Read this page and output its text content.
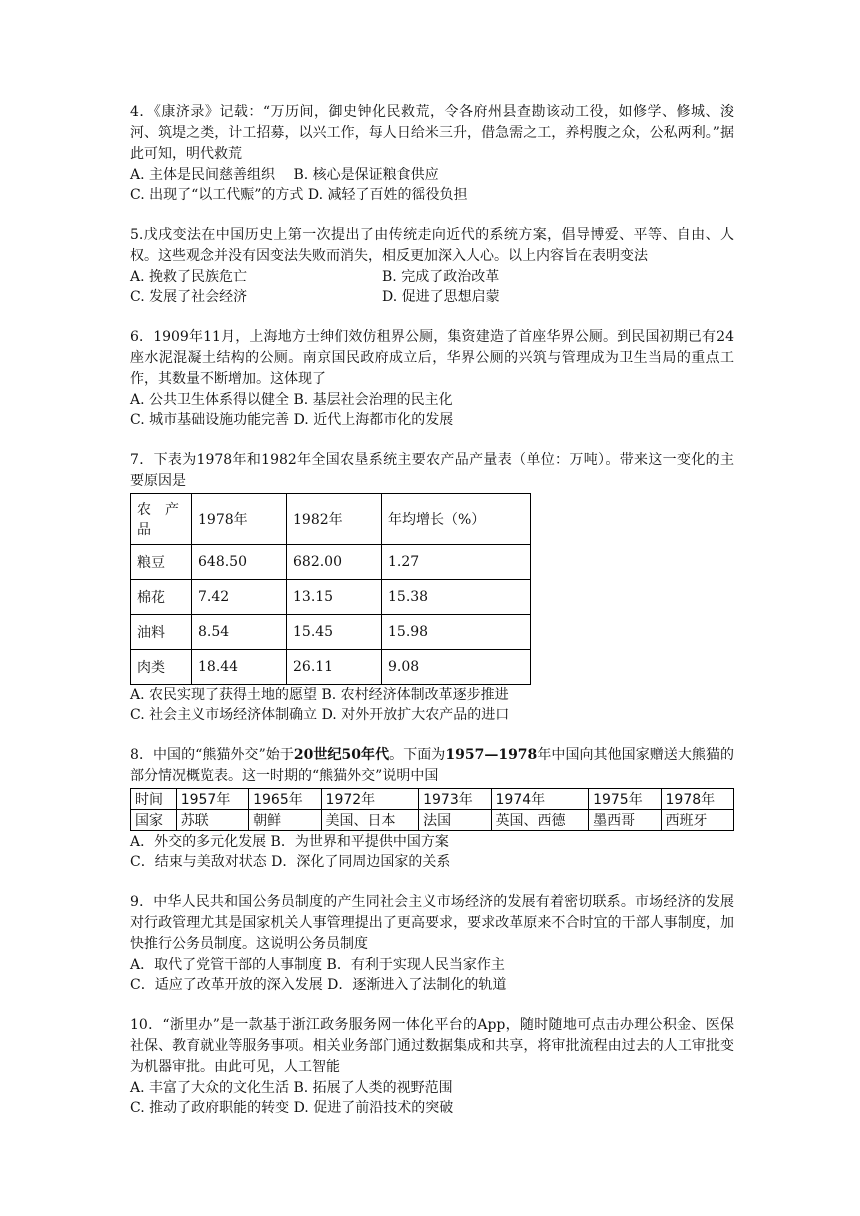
4．《康济录》记载：“万历间，御史钟化民救荒，令各府州县查勘该动工役，如修学、修城、浚河、筑堤之类，计工招募，以兴工作，每人日给米三升，借急需之工，养枵腹之众，公私两利。”据此可知，明代救荒

A. 主体是民间慈善组织　 B. 核心是保证粮食供应
C. 出现了“以工代赈”的方式 D. 减轻了百姓的徭役负担

5.戊戌变法在中国历史上第一次提出了由传统走向近代的系统方案，倡导博爱、平等、自由、人权。这些观念并没有因变法失败而消失，相反更加深入人心。以上内容旨在表明变法

A. 挽救了民族危亡	B. 完成了政治改革
C. 发展了社会经济	D. 促进了思想启蒙

6．1909年11月，上海地方士绅们效仿租界公厕，集资建造了首座华界公厕。到民国初期已有24座水泥混凝土结构的公厕。南京国民政府成立后，华界公厕的兴筑与管理成为卫生当局的重点工作，其数量不断增加。这体现了

A. 公共卫生体系得以健全 B. 基层社会治理的民主化
C. 城市基础设施功能完善 D. 近代上海都市化的发展

7．下表为1978年和1982年全国农垦系统主要农产品产量表（单位：万吨）。带来这一变化的主要原因是

农　产品	1978年	1982年	年均增长（%）
粮豆	648.50	682.00	1.27
棉花	7.42	13.15	15.38
油料	8.54	15.45	15.98
肉类	18.44	26.11	9.08
A. 农民实现了获得土地的愿望 B. 农村经济体制改革逐步推进
C. 社会主义市场经济体制确立 D. 对外开放扩大农产品的进口

8．中国的“熊猫外交”始于20世纪50年代。下面为1957—1978年中国向其他国家赠送大熊猫的部分情况概览表。这一时期的“熊猫外交”说明中国

时间	1957年	1965年	1972年	1973年	1974年	1975年	1978年
国家	苏联	朝鲜	美国、日本	法国	英国、西德	墨西哥	西班牙
A．外交的多元化发展 B．为世界和平提供中国方案
C．结束与美敌对状态 D．深化了同周边国家的关系

9．中华人民共和国公务员制度的产生同社会主义市场经济的发展有着密切联系。市场经济的发展对行政管理尤其是国家机关人事管理提出了更高要求，要求改革原来不合时宜的干部人事制度，加快推行公务员制度。这说明公务员制度

A．取代了党管干部的人事制度 B．有利于实现人民当家作主
C．适应了改革开放的深入发展 D．逐渐进入了法制化的轨道

10．“浙里办”是一款基于浙江政务服务网一体化平台的App，随时随地可点击办理公积金、医保社保、教育就业等服务事项。相关业务部门通过数据集成和共享，将审批流程由过去的人工审批变为机器审批。由此可见，人工智能

A. 丰富了大众的文化生活 B. 拓展了人类的视野范围
C. 推动了政府职能的转变 D. 促进了前沿技术的突破
